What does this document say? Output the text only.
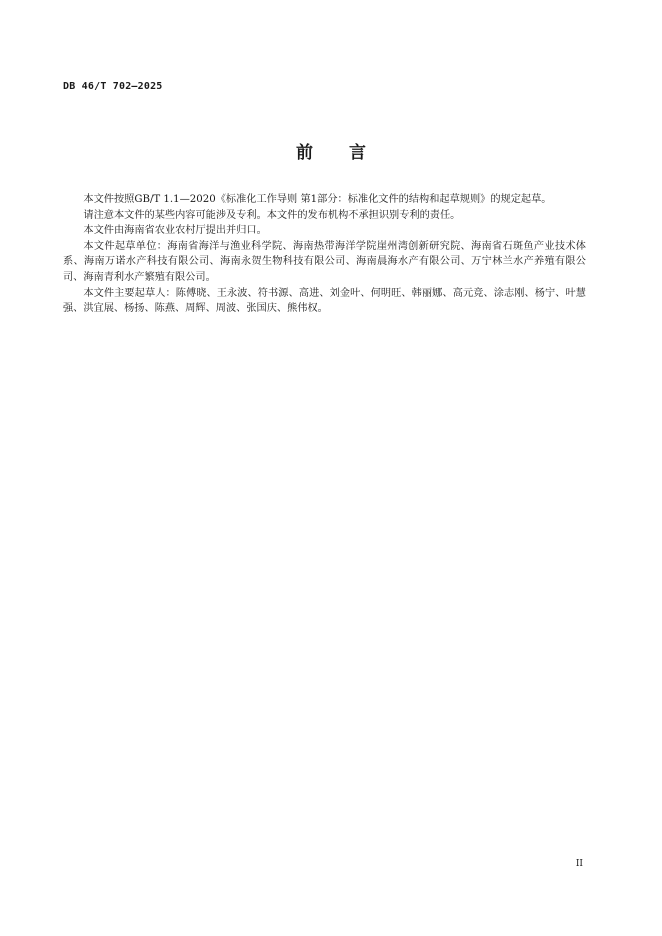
DB 46/T 702—2025
前 言

本文件按照GB/T 1.1—2020《标准化工作导则 第1部分：标准化文件的结构和起草规则》的规定起草。

请注意本文件的某些内容可能涉及专利。本文件的发布机构不承担识别专利的责任。

本文件由海南省农业农村厅提出并归口。

本文件起草单位：海南省海洋与渔业科学院、海南热带海洋学院崖州湾创新研究院、海南省石斑鱼产业技术体系、海南万诺水产科技有限公司、海南永贺生物科技有限公司、海南晨海水产有限公司、万宁林兰水产养殖有限公司、海南青利水产繁殖有限公司。

本文件主要起草人：陈傅晓、王永波、符书源、高进、刘金叶、何明旺、韩丽娜、高元竞、涂志刚、杨宁、叶慧强、洪宜展、杨扬、陈燕、周辉、周波、张国庆、熊伟权。

II
